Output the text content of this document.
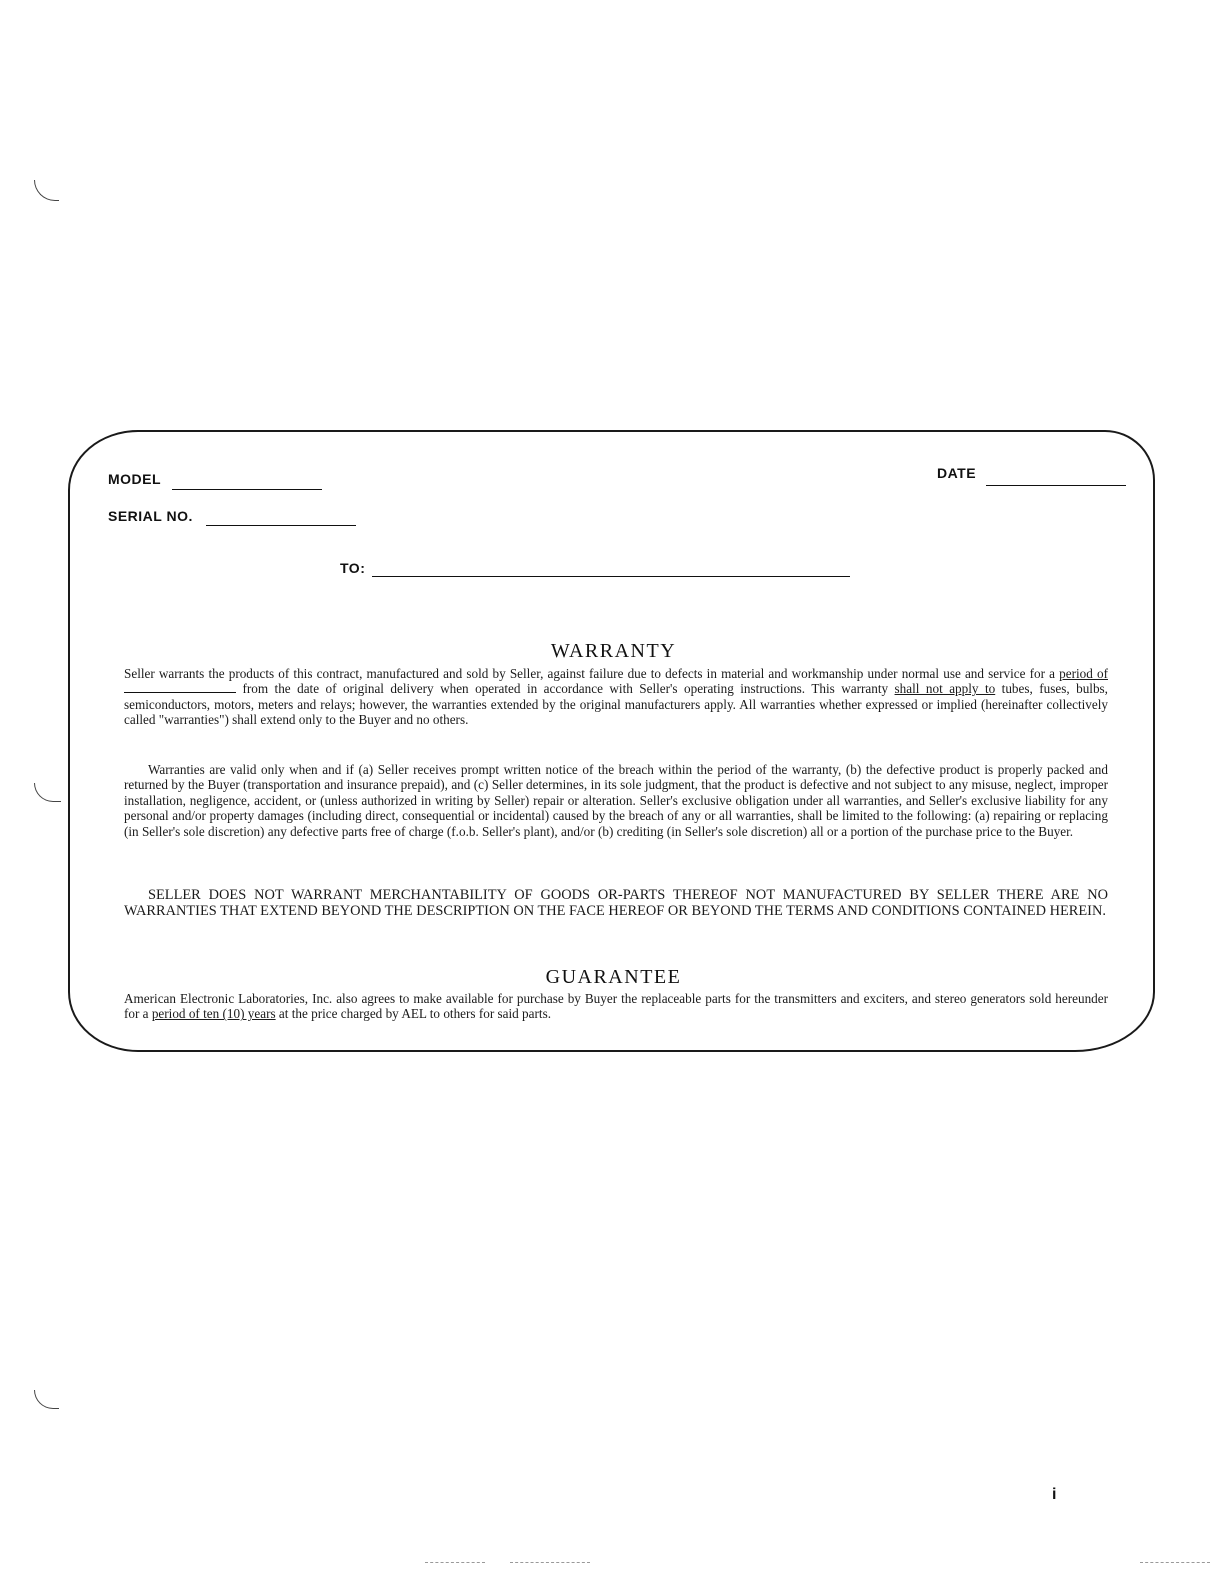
MODEL
SERIAL NO.
DATE
TO:
WARRANTY
Seller warrants the products of this contract, manufactured and sold by Seller, against failure due to defects in material and workmanship under normal use and service for a period of from the date of original delivery when operated in accordance with Seller's operating instructions. This warranty shall not apply to tubes, fuses, bulbs, semiconductors, motors, meters and relays; however, the warranties extended by the original manufacturers apply. All warranties whether expressed or implied (hereinafter collectively called "warranties") shall extend only to the Buyer and no others.
Warranties are valid only when and if (a) Seller receives prompt written notice of the breach within the period of the warranty, (b) the defective product is properly packed and returned by the Buyer (transportation and insurance prepaid), and (c) Seller determines, in its sole judgment, that the product is defective and not subject to any misuse, neglect, improper installation, negligence, accident, or (unless authorized in writing by Seller) repair or alteration. Seller's exclusive obligation under all warranties, and Seller's exclusive liability for any personal and/or property damages (including direct, consequential or incidental) caused by the breach of any or all warranties, shall be limited to the following: (a) repairing or replacing (in Seller's sole discretion) any defective parts free of charge (f.o.b. Seller's plant), and/or (b) crediting (in Seller's sole discretion) all or a portion of the purchase price to the Buyer.
SELLER DOES NOT WARRANT MERCHANTABILITY OF GOODS OR-PARTS THEREOF NOT MANUFACTURED BY SELLER THERE ARE NO WARRANTIES THAT EXTEND BEYOND THE DESCRIPTION ON THE FACE HEREOF OR BEYOND THE TERMS AND CONDITIONS CONTAINED HEREIN.
GUARANTEE
American Electronic Laboratories, Inc. also agrees to make available for purchase by Buyer the replaceable parts for the transmitters and exciters, and stereo generators sold hereunder for a period of ten (10) years at the price charged by AEL to others for said parts.
i
